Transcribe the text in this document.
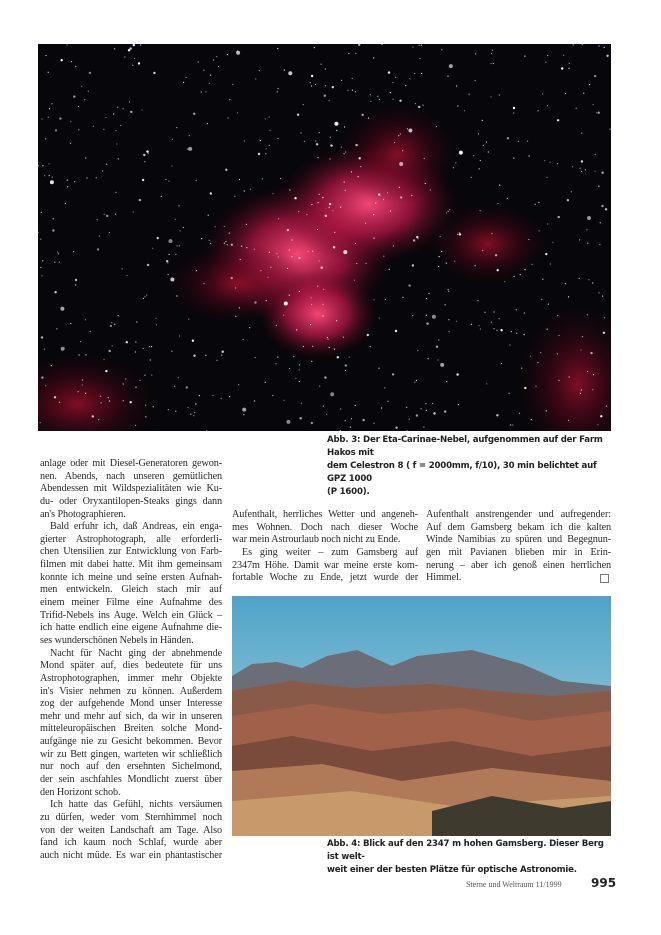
Abb. 3: Der Eta-Carinae-Nebel, aufgenommen auf der Farm Hakos mit
dem Celestron 8 ( f = 2000mm, f/10), 30 min belichtet auf GPZ 1000
(P 1600).
anlage oder mit Diesel-Generatoren gewon-
nen. Abends, nach unseren gemütlichen
Abendessen mit Wildspezialitäten wie Ku-
du- oder Oryxantilopen-Steaks gings dann
an's Photographieren.
Bald erfuhr ich, daß Andreas, ein enga-
gierter Astrophotograph, alle erforderli-
chen Utensilien zur Entwicklung von Farb-
filmen mit dabei hatte. Mit ihm gemeinsam
konnte ich meine und seine ersten Aufnah-
men entwickeln. Gleich stach mir auf
einem meiner Filme eine Aufnahme des
Trifid-Nebels ins Auge. Welch ein Glück –
ich hatte endlich eine eigene Aufnahme die-
ses wunderschönen Nebels in Händen.
Nacht für Nacht ging der abnehmende
Mond später auf, dies bedeutete für uns
Astrophotographen, immer mehr Objekte
in's Visier nehmen zu können. Außerdem
zog der aufgehende Mond unser Interesse
mehr und mehr auf sich, da wir in unseren
mitteleuropäischen Breiten solche Mond-
aufgänge nie zu Gesicht bekommen. Bevor
wir zu Bett gingen, warteten wir schließlich
nur noch auf den ersehnten Sichelmond,
der sein aschfahles Mondlicht zuerst über
den Horizont schob.
Ich hatte das Gefühl, nichts versäumen
zu dürfen, weder vom Sternhimmel noch
von der weiten Landschaft am Tage. Also
fand ich kaum noch Schlaf, wurde aber
auch nicht müde. Es war ein phantastischer
Aufenthalt, herrliches Wetter und angeneh-
mes Wohnen. Doch nach dieser Woche
war mein Astrourlaub noch nicht zu Ende.
Es ging weiter – zum Gamsberg auf
2347m Höhe. Damit war meine erste kom-
fortable Woche zu Ende, jetzt wurde der
Aufenthalt anstrengender und aufregender:
Auf dem Gamsberg bekam ich die kalten
Winde Namibias zu spüren und Begegnun-
gen mit Pavianen blieben mir in Erin-
nerung – aber ich genoß einen herrlichen
Himmel.
Abb. 4: Blick auf den 2347 m hohen Gamsberg. Dieser Berg ist welt-
weit einer der besten Plätze für optische Astronomie.
Sterne und Weltraum 11/1999 995
